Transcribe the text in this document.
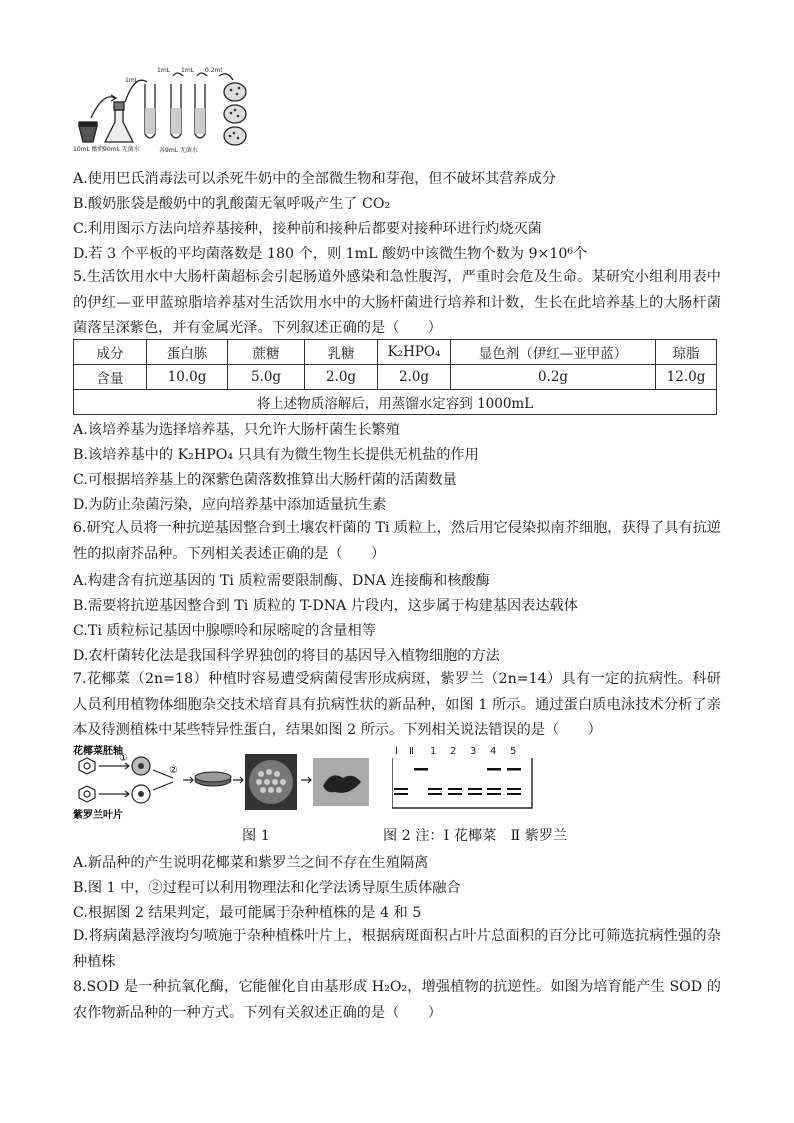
1mL
1mL 1mL 0.2ml
10mL 酸奶 90mL 无菌水	各9mL 无菌水
A.使用巴氏消毒法可以杀死牛奶中的全部微生物和芽孢，但不破坏其营养成分
B.酸奶胀袋是酸奶中的乳酸菌无氧呼吸产生了 CO₂
C.利用图示方法向培养基接种，接种前和接种后都要对接种环进行灼烧灭菌
D.若 3 个平板的平均菌落数是 180 个，则 1mL 酸奶中该微生物个数为 9×10⁶个
5.生活饮用水中大肠杆菌超标会引起肠道外感染和急性腹泻，严重时会危及生命。某研究小组利用表中的伊红—亚甲蓝琼脂培养基对生活饮用水中的大肠杆菌进行培养和计数，生长在此培养基上的大肠杆菌菌落呈深紫色，并有金属光泽。下列叙述正确的是（　　）
成分	蛋白胨	蔗糖	乳糖	K₂HPO₄	显色剂（伊红—亚甲蓝）	琼脂
含量	10.0g	5.0g	2.0g	2.0g	0.2g	12.0g
将上述物质溶解后，用蒸馏水定容到 1000mL						
A.该培养基为选择培养基，只允许大肠杆菌生长繁殖
B.该培养基中的 K₂HPO₄ 只具有为微生物生长提供无机盐的作用
C.可根据培养基上的深紫色菌落数推算出大肠杆菌的活菌数量
D.为防止杂菌污染，应向培养基中添加适量抗生素
6.研究人员将一种抗逆基因整合到土壤农杆菌的 Ti 质粒上，然后用它侵染拟南芥细胞，获得了具有抗逆性的拟南芥品种。下列相关表述正确的是（　　）
A.构建含有抗逆基因的 Ti 质粒需要限制酶、DNA 连接酶和核酸酶
B.需要将抗逆基因整合到 Ti 质粒的 T-DNA 片段内，这步属于构建基因表达载体
C.Ti 质粒标记基因中腺嘌呤和尿嘧啶的含量相等
D.农杆菌转化法是我国科学界独创的将目的基因导入植物细胞的方法
7.花椰菜（2n=18）种植时容易遭受病菌侵害形成病斑，紫罗兰（2n=14）具有一定的抗病性。科研人员利用植物体细胞杂交技术培育具有抗病性状的新品种，如图 1 所示。通过蛋白质电泳技术分析了亲本及待测植株中某些特异性蛋白，结果如图 2 所示。下列相关说法错误的是（　　）
花椰菜胚轴
紫罗兰叶片
①
②
Ⅰ Ⅱ 1 2 3 4 5
图 1	图 2 注：Ⅰ 花椰菜　Ⅱ 紫罗兰
A.新品种的产生说明花椰菜和紫罗兰之间不存在生殖隔离
B.图 1 中，②过程可以利用物理法和化学法诱导原生质体融合
C.根据图 2 结果判定，最可能属于杂种植株的是 4 和 5
D.将病菌悬浮液均匀喷施于杂种植株叶片上，根据病斑面积占叶片总面积的百分比可筛选抗病性强的杂种植株
8.SOD 是一种抗氧化酶，它能催化自由基形成 H₂O₂，增强植物的抗逆性。如图为培育能产生 SOD 的农作物新品种的一种方式。下列有关叙述正确的是（　　）
